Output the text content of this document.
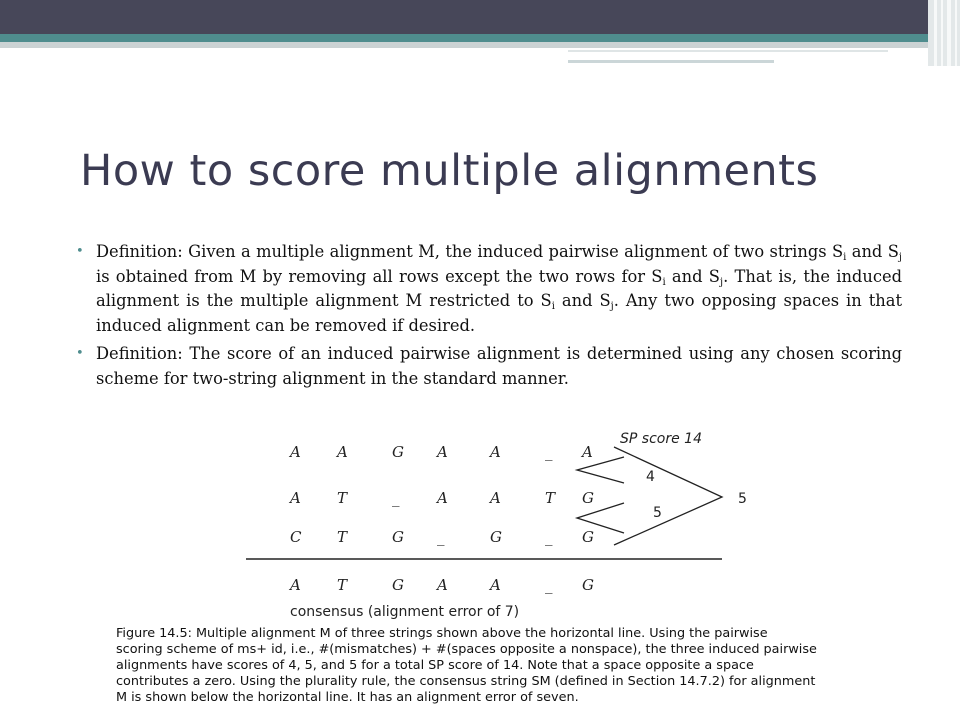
How to score multiple alignments
• Definition: Given a multiple alignment M, the induced pairwise alignment of two strings $S_i$ and $S_j$ is obtained from M by removing all rows except the two rows for $S_i$ and $S_j$. That is, the induced alignment is the multiple alignment M restricted to $S_i$ and $S_j$. Any two opposing spaces in that induced alignment can be removed if desired.
• Definition: The score of an induced pairwise alignment is determined using any chosen scoring scheme for two-string alignment in the standard manner.
A A	G A	A	_ A
A T	_	A	A	T G
C T	G _	G	_ G
A T	G A	A	_ G
SP score 14
4
5
5
consensus (alignment error of 7)
Figure 14.5: Multiple alignment M of three strings shown above the horizontal line. Using the pairwise
scoring scheme of ms+ id, i.e., #(mismatches) + #(spaces opposite a nonspace), the three induced pairwise
alignments have scores of 4, 5, and 5 for a total SP score of 14. Note that a space opposite a space
contributes a zero. Using the plurality rule, the consensus string SM (defined in Section 14.7.2) for alignment
M is shown below the horizontal line. It has an alignment error of seven.
